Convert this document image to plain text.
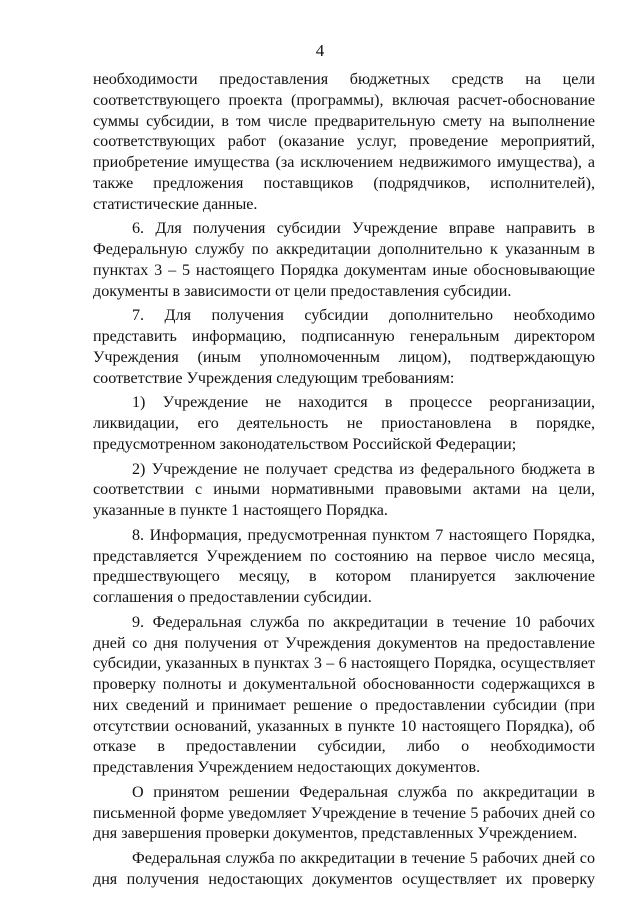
4

необходимости предоставления бюджетных средств на цели соответствующего проекта (программы), включая расчет-обоснование суммы субсидии, в том числе предварительную смету на выполнение соответствующих работ (оказание услуг, проведение мероприятий, приобретение имущества (за исключением недвижимого имущества), а также предложения поставщиков (подрядчиков, исполнителей), статистические данные.

6. Для получения субсидии Учреждение вправе направить в Федеральную службу по аккредитации дополнительно к указанным в пунктах 3 – 5 настоящего Порядка документам иные обосновывающие документы в зависимости от цели предоставления субсидии.

7. Для получения субсидии дополнительно необходимо представить информацию, подписанную генеральным директором Учреждения (иным уполномоченным лицом), подтверждающую соответствие Учреждения следующим требованиям:

1) Учреждение не находится в процессе реорганизации, ликвидации, его деятельность не приостановлена в порядке, предусмотренном законодательством Российской Федерации;

2) Учреждение не получает средства из федерального бюджета в соответствии с иными нормативными правовыми актами на цели, указанные в пункте 1 настоящего Порядка.

8. Информация, предусмотренная пунктом 7 настоящего Порядка, представляется Учреждением по состоянию на первое число месяца, предшествующего месяцу, в котором планируется заключение соглашения о предоставлении субсидии.

9. Федеральная служба по аккредитации в течение 10 рабочих дней со дня получения от Учреждения документов на предоставление субсидии, указанных в пунктах 3 – 6 настоящего Порядка, осуществляет проверку полноты и документальной обоснованности содержащихся в них сведений и принимает решение о предоставлении субсидии (при отсутствии оснований, указанных в пункте 10 настоящего Порядка), об отказе в предоставлении субсидии, либо о необходимости представления Учреждением недостающих документов.

О принятом решении Федеральная служба по аккредитации в письменной форме уведомляет Учреждение в течение 5 рабочих дней со дня завершения проверки документов, представленных Учреждением.

Федеральная служба по аккредитации в течение 5 рабочих дней со дня получения недостающих документов осуществляет их проверку
